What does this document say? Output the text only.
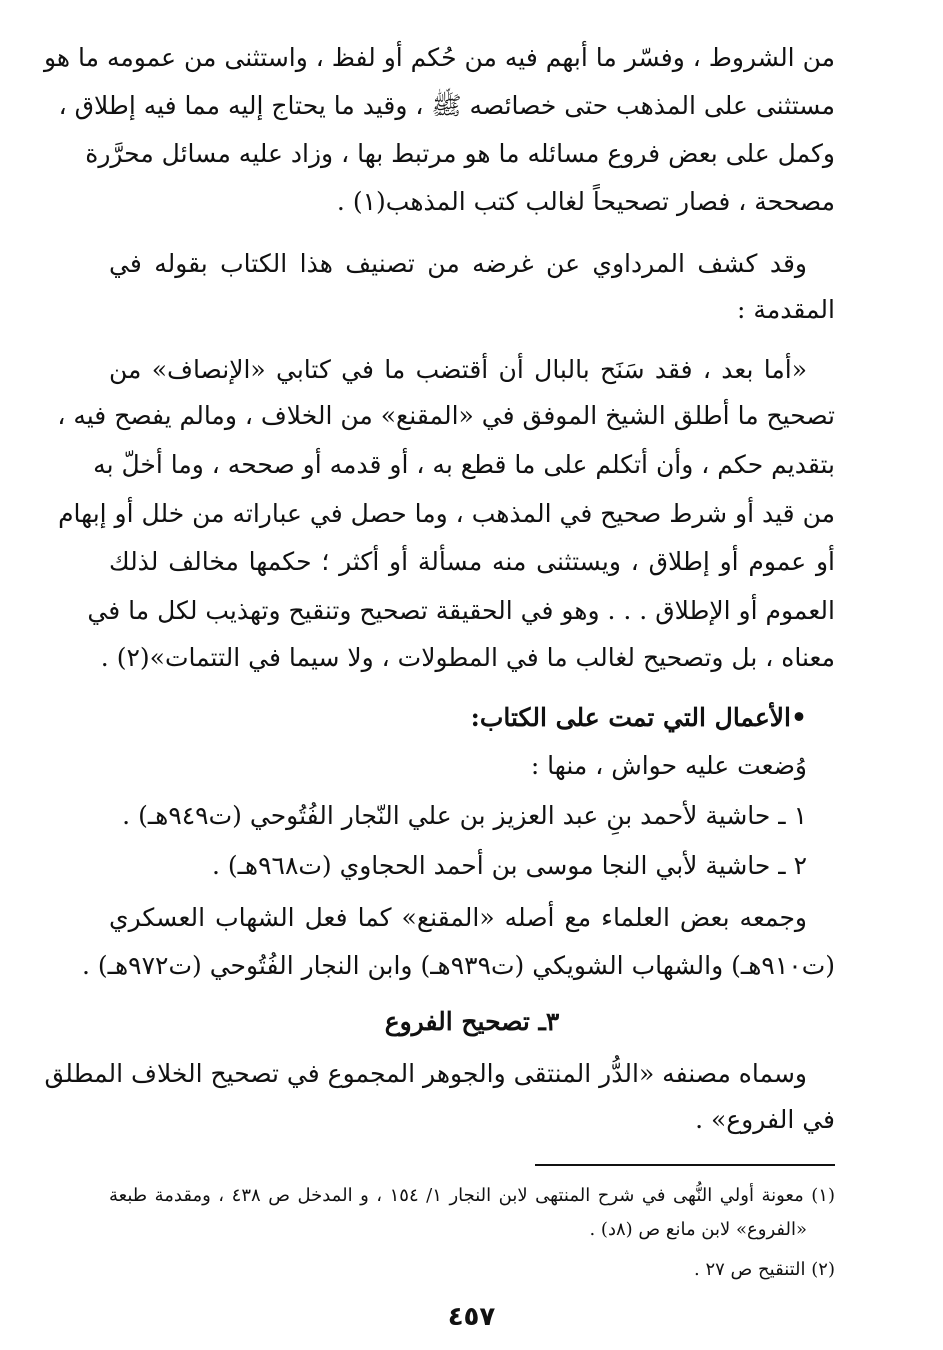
من الشروط ، وفسّر ما أبهم فيه من حُكم أو لفظ ، واستثنى من عمومه ما هو
مستثنى على المذهب حتى خصائصه ﷺ ، وقيد ما يحتاج إليه مما فيه إطلاق ،
وكمل على بعض فروع مسائله ما هو مرتبط بها ، وزاد عليه مسائل محرَّرة
مصححة ، فصار تصحيحاً لغالب كتب المذهب(١) .
وقد كشف المرداوي عن غرضه من تصنيف هذا الكتاب بقوله في
المقدمة :
«أما بعد ، فقد سَنَح بالبال أن أقتضب ما في كتابي «الإنصاف» من
تصحيح ما أطلق الشيخ الموفق في «المقنع» من الخلاف ، ومالم يفصح فيه ،
بتقديم حكم ، وأن أتكلم على ما قطع به ، أو قدمه أو صححه ، وما أخلّ به
من قيد أو شرط صحيح في المذهب ، وما حصل في عباراته من خلل أو إبهام
أو عموم أو إطلاق ، ويستثنى منه مسألة أو أكثر ؛ حكمها مخالف لذلك
العموم أو الإطلاق . . . وهو في الحقيقة تصحيح وتنقيح وتهذيب لكل ما في
معناه ، بل وتصحيح لغالب ما في المطولات ، ولا سيما في التتمات»(٢) .
•الأعمال التي تمت على الكتاب:
وُضعت عليه حواش ، منها :
١ ـ حاشية لأحمد بنِ عبد العزيز بن علي النّجار الفُتُوحي (ت٩٤٩هـ) .
٢ ـ حاشية لأبي النجا موسى بن أحمد الحجاوي (ت٩٦٨هـ) .
وجمعه بعض العلماء مع أصله «المقنع» كما فعل الشهاب العسكري
(ت٩١٠هـ) والشهاب الشويكي (ت٩٣٩هـ) وابن النجار الفُتُوحي (ت٩٧٢هـ) .
٣ـ تصحيح الفروع
وسماه مصنفه «الدُّر المنتقى والجوهر المجموع في تصحيح الخلاف المطلق
في الفروع» .
(١) معونة أولي النُّهى في شرح المنتهى لابن النجار ١/ ١٥٤ ، و المدخل ص ٤٣٨ ، ومقدمة طبعة
«الفروع» لابن مانع ص (٨د) .
(٢) التنقيح ص ٢٧ .
٤٥٧
